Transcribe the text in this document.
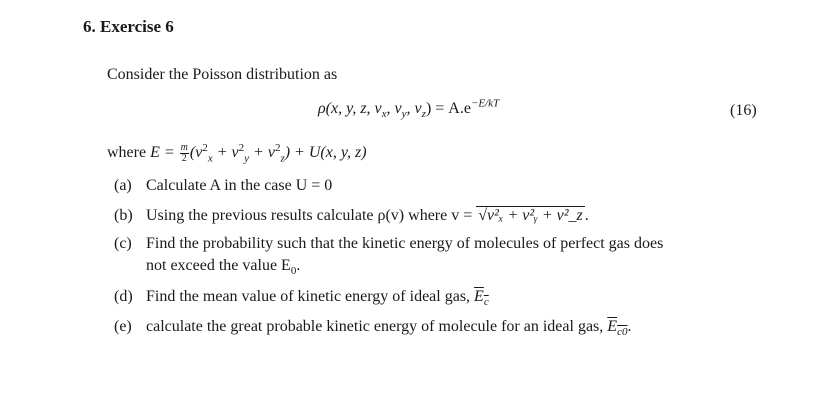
6. Exercise 6
Consider the Poisson distribution as
ρ(x, y, z, $v_x$, $v_y$, $v_z) = A.e^{-E/kT}$	(16)
where $E = \frac{m}{2} (v^2_x + v^2_y + v^2_z) + U(x$, y, z)
(a) Calculate A in the case U = 0
(b) Using the previous results calculate ρ(v) where v = √v²ₓ + v²ᵧ + v²_z .
(c) Find the probability such that the kinetic energy of molecules of perfect gas does
not exceed the value $E_0$.
(d) Find the mean value of kinetic energy of ideal gas, $E_c$
(e) calculate the great probable kinetic energy of molecule for an ideal gas, $E_{c0}$.
